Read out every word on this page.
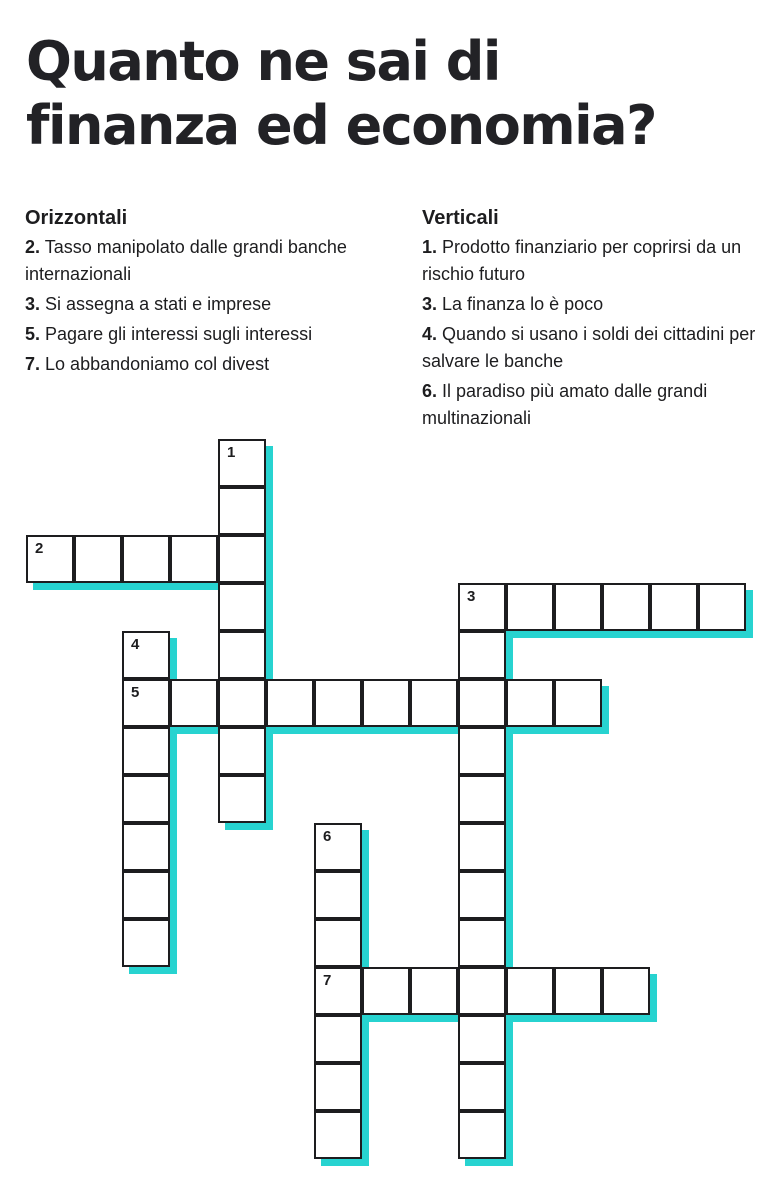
Quanto ne sai di
finanza ed economia?
Orizzontali
2. Tasso manipolato dalle grandi banche internazionali
3. Si assegna a stati e imprese
5. Pagare gli interessi sugli interessi
7. Lo abbandoniamo col divest
Verticali
1. Prodotto finanziario per coprirsi da un rischio futuro
3. La finanza lo è poco
4. Quando si usano i soldi dei cittadini per salvare le banche
6. Il paradiso più amato dalle grandi multinazionali
1
2
3
4
5
6
7
